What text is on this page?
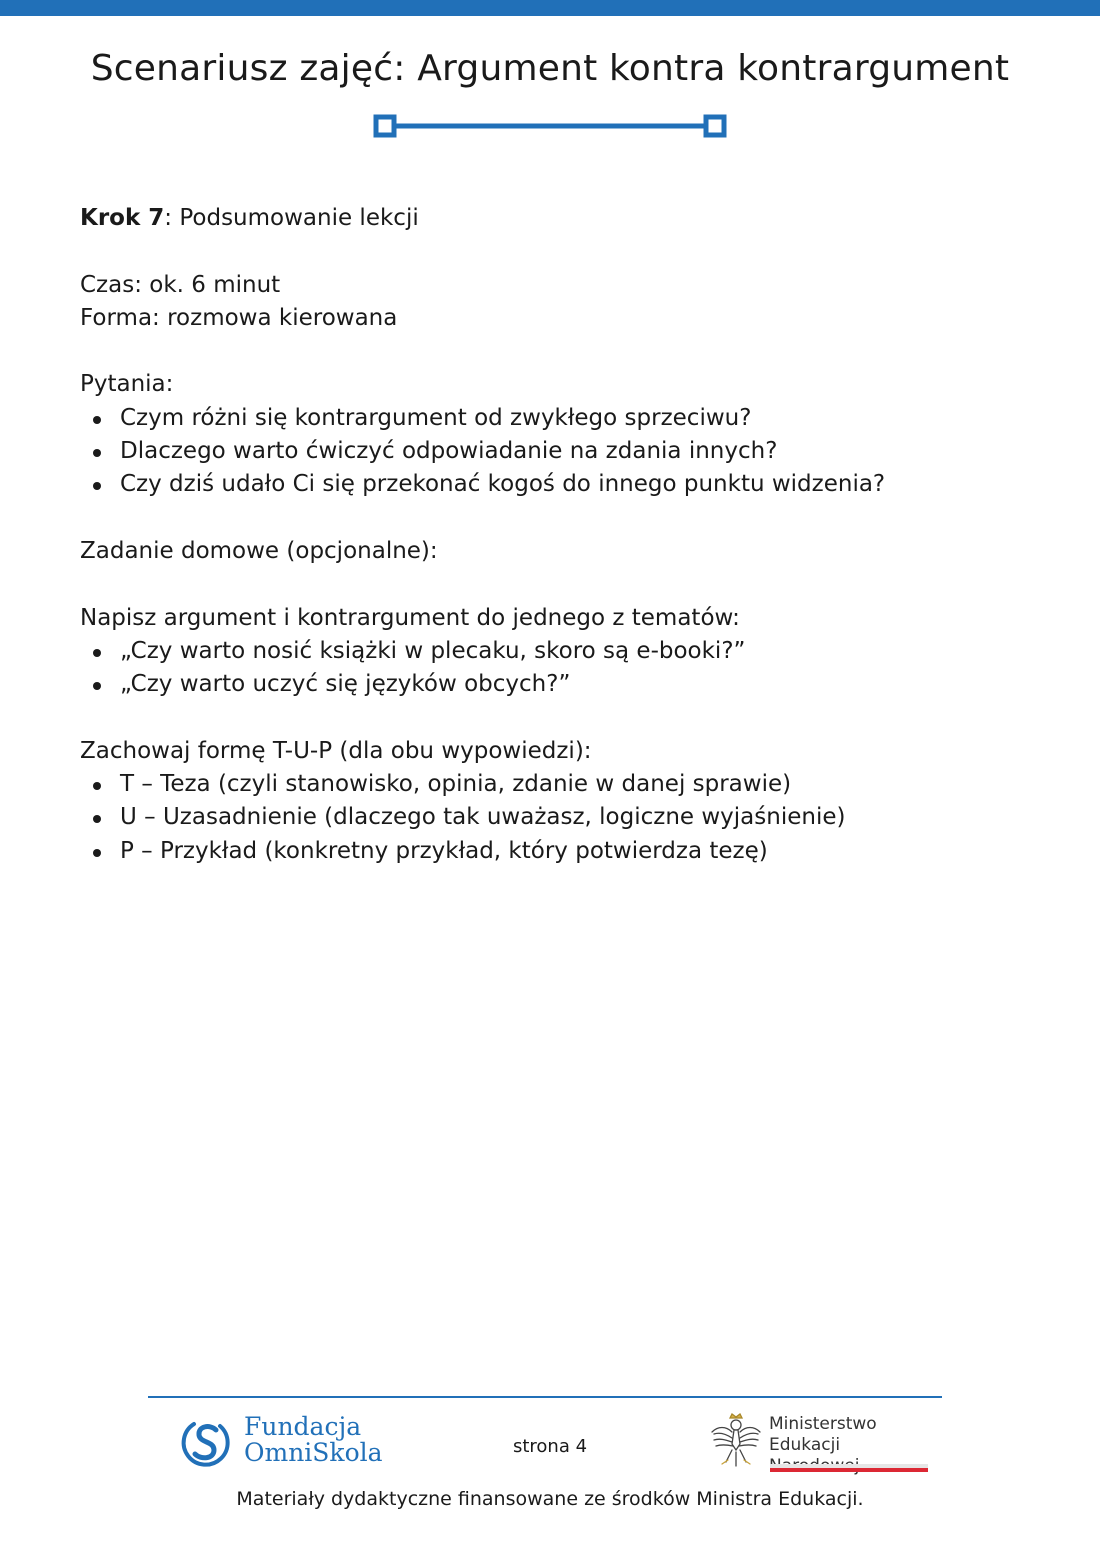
Scenariusz zajęć: Argument kontra kontrargument

Krok 7: Podsumowanie lekcji

Czas: ok. 6 minut

Forma: rozmowa kierowana

Pytania:

Czym różni się kontrargument od zwykłego sprzeciwu?
Dlaczego warto ćwiczyć odpowiadanie na zdania innych?
Czy dziś udało Ci się przekonać kogoś do innego punktu widzenia?

Zadanie domowe (opcjonalne):

Napisz argument i kontrargument do jednego z tematów:

„Czy warto nosić książki w plecaku, skoro są e-booki?”
„Czy warto uczyć się języków obcych?”

Zachowaj formę T-U-P (dla obu wypowiedzi):

T – Teza (czyli stanowisko, opinia, zdanie w danej sprawie)
U – Uzasadnienie (dlaczego tak uważasz, logiczne wyjaśnienie)
P – Przykład (konkretny przykład, który potwierdza tezę)
Fundacja
OmniSkola	strona 4
Ministerstwo
Edukacji
Materiały dydaktyczne finansowane ze środków Ministra Edukacji.
